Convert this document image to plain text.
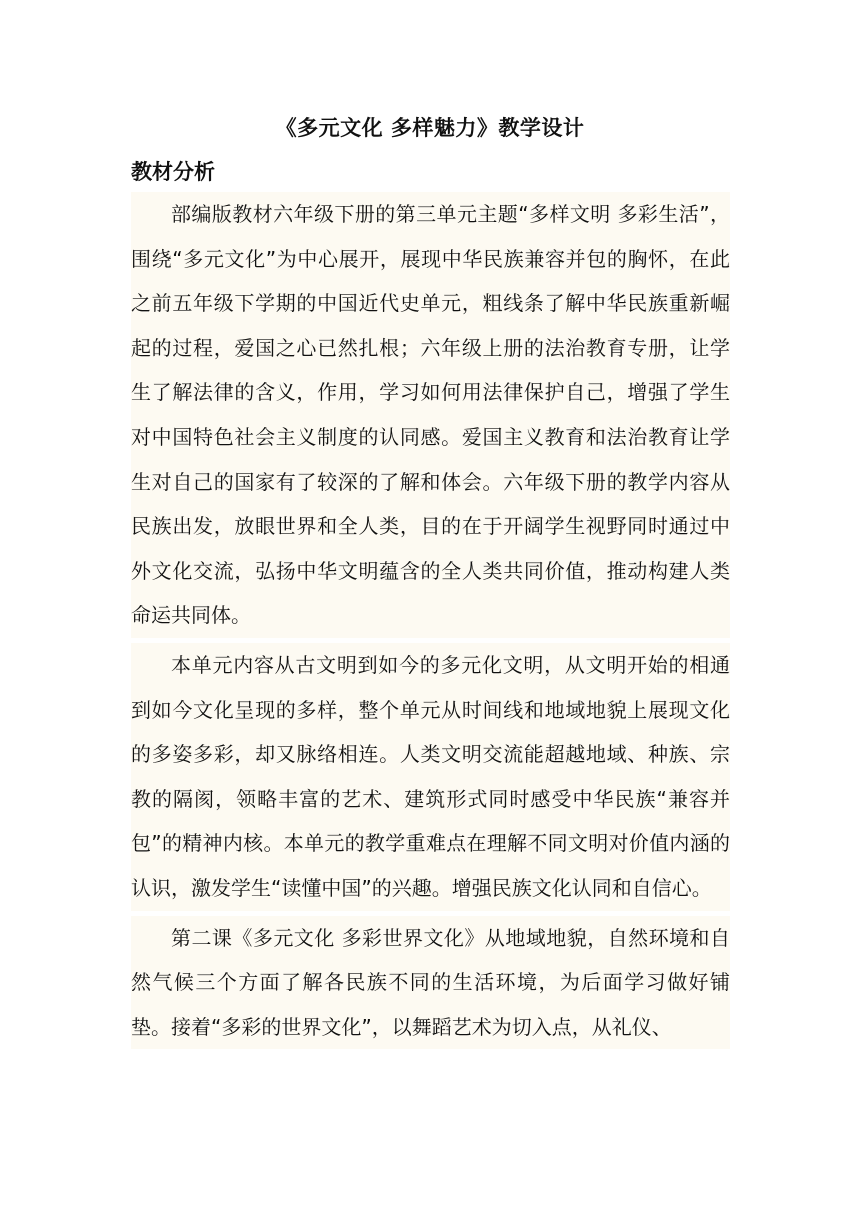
《多元文化 多样魅力》教学设计
教材分析

部编版教材六年级下册的第三单元主题“多样文明 多彩生活”，围绕“多元文化”为中心展开，展现中华民族兼容并包的胸怀，在此之前五年级下学期的中国近代史单元，粗线条了解中华民族重新崛起的过程，爱国之心已然扎根；六年级上册的法治教育专册，让学生了解法律的含义，作用，学习如何用法律保护自己，增强了学生对中国特色社会主义制度的认同感。爱国主义教育和法治教育让学生对自己的国家有了较深的了解和体会。六年级下册的教学内容从民族出发，放眼世界和全人类，目的在于开阔学生视野同时通过中外文化交流，弘扬中华文明蕴含的全人类共同价值，推动构建人类命运共同体。

本单元内容从古文明到如今的多元化文明，从文明开始的相通到如今文化呈现的多样，整个单元从时间线和地域地貌上展现文化的多姿多彩，却又脉络相连。人类文明交流能超越地域、种族、宗教的隔阂，领略丰富的艺术、建筑形式同时感受中华民族“兼容并包”的精神内核。本单元的教学重难点在理解不同文明对价值内涵的认识，激发学生“读懂中国”的兴趣。增强民族文化认同和自信心。

第二课《多元文化 多彩世界文化》从地域地貌，自然环境和自然气候三个方面了解各民族不同的生活环境，为后面学习做好铺垫。接着“多彩的世界文化”，以舞蹈艺术为切入点，从礼仪、
